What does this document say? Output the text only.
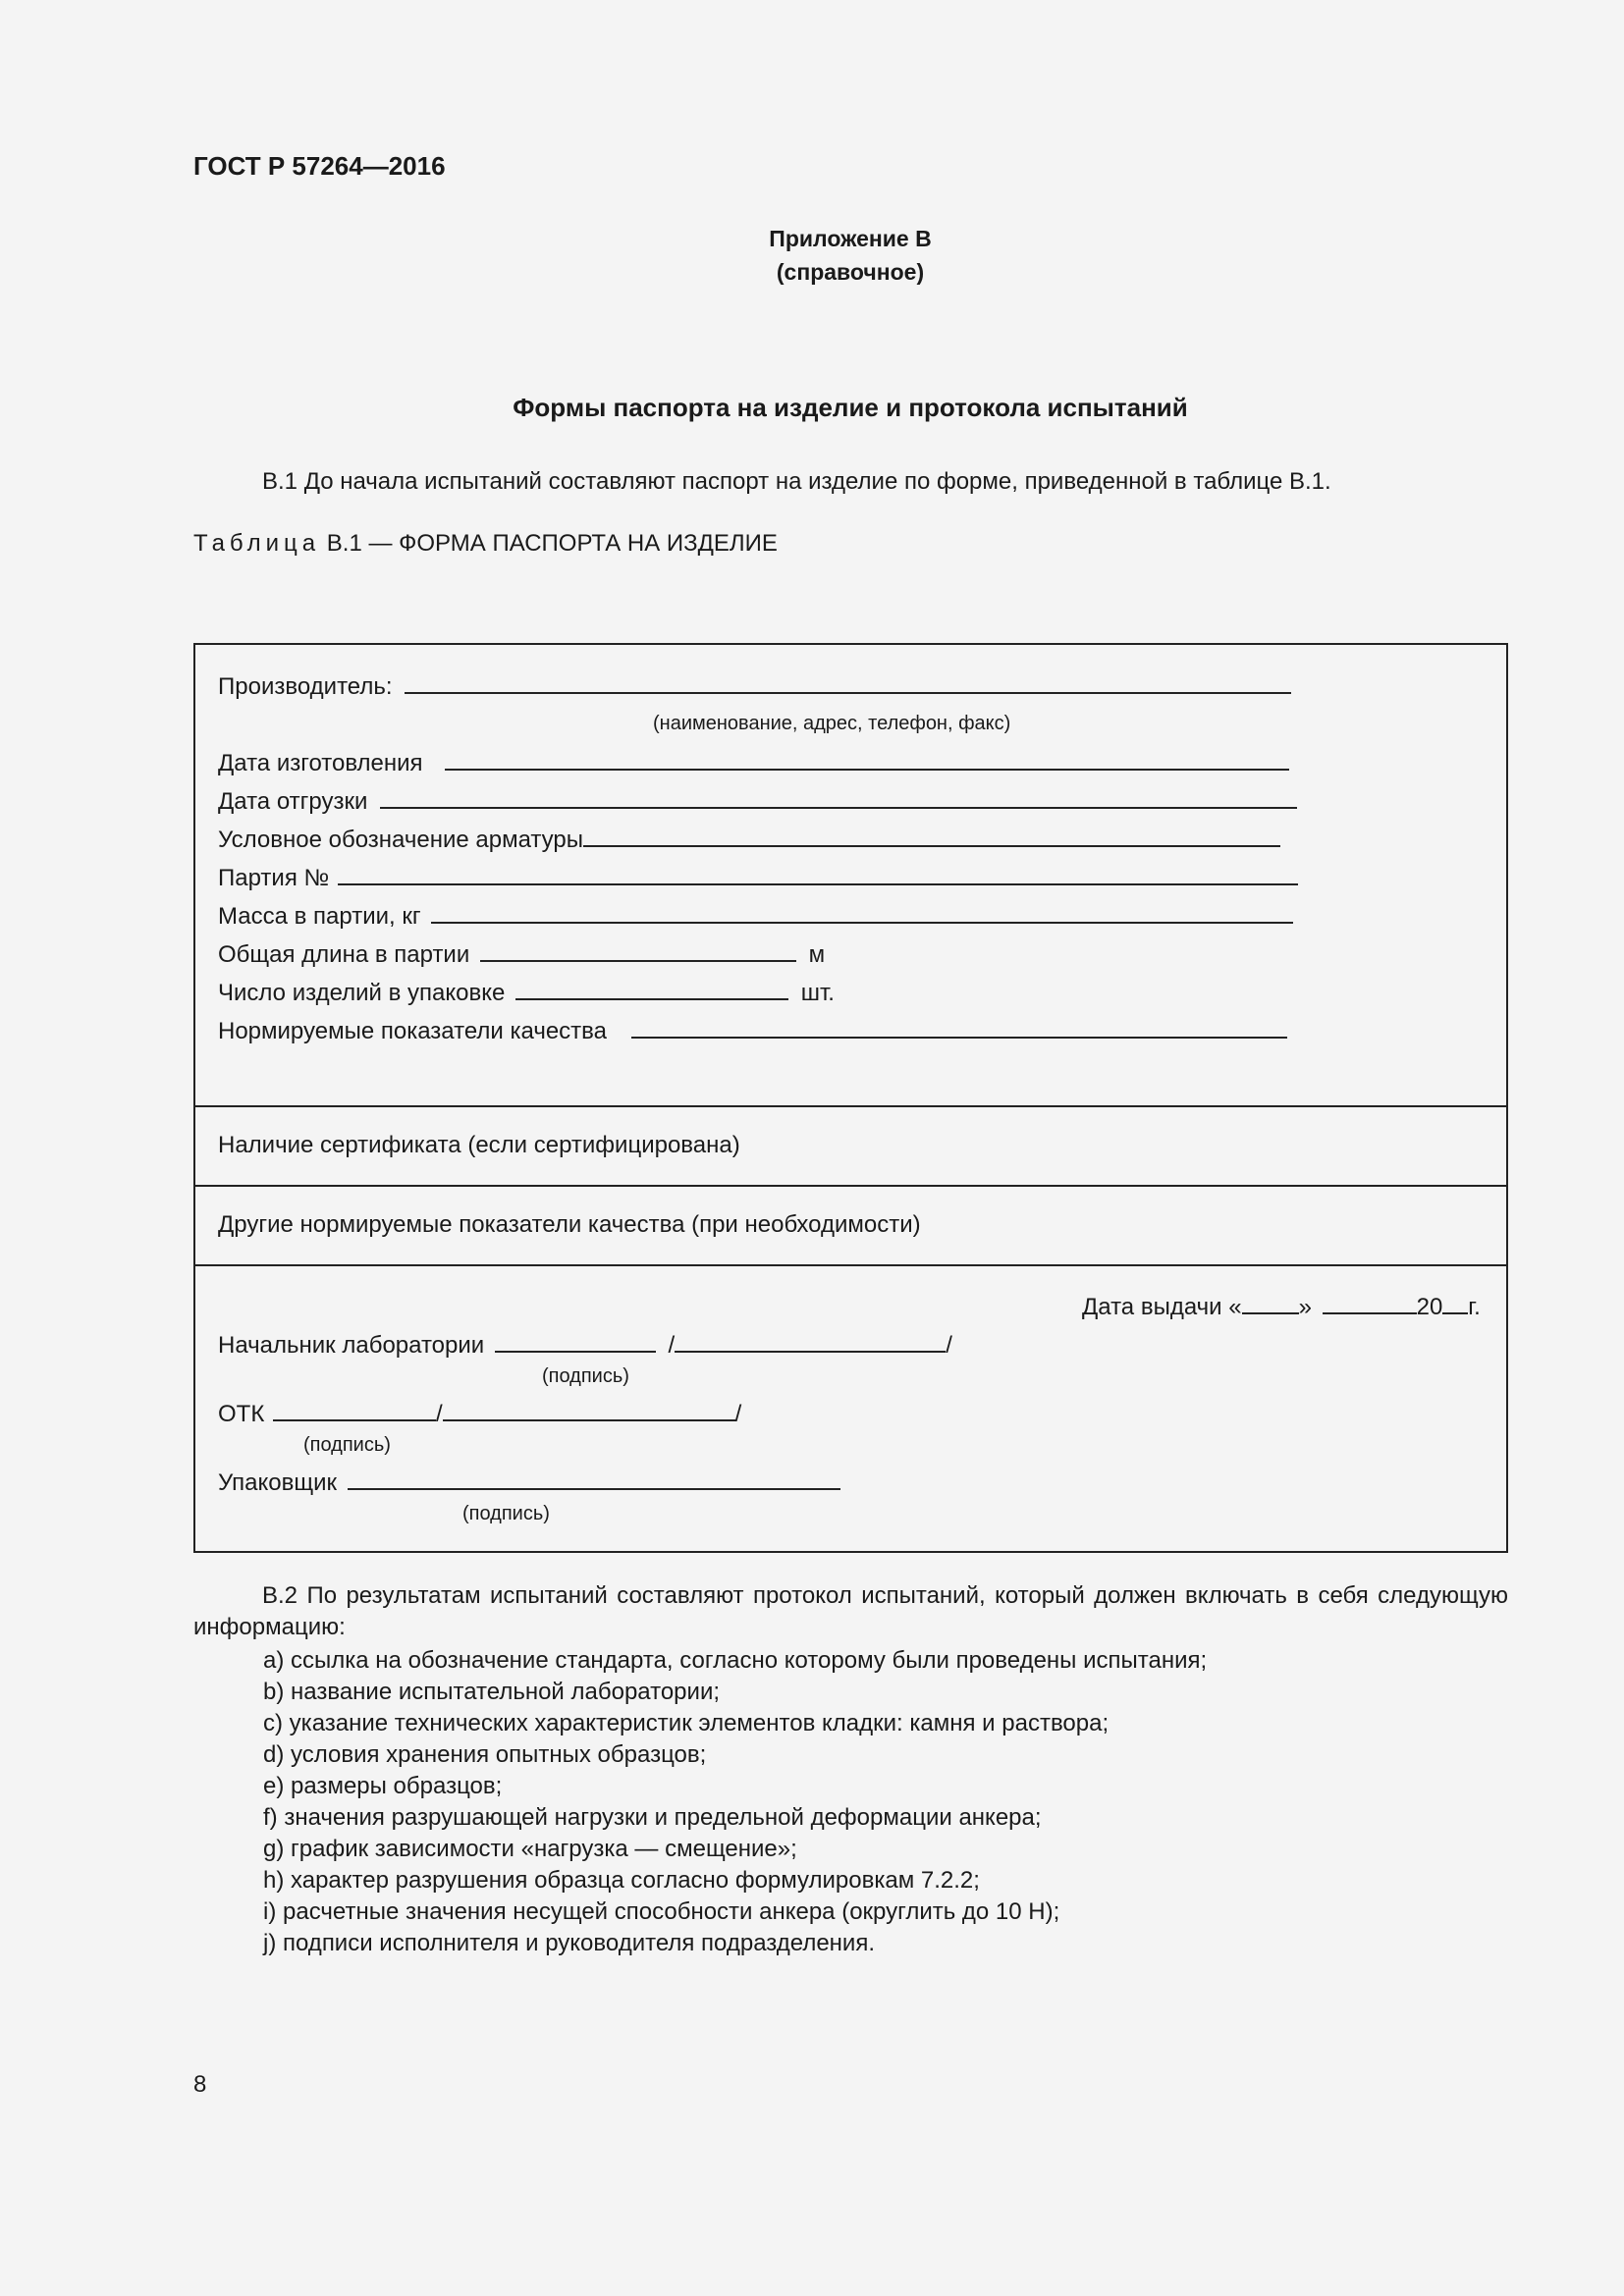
ГОСТ Р 57264—2016
Приложение В
(справочное)
Формы паспорта на изделие и протокола испытаний
В.1 До начала испытаний составляют паспорт на изделие по форме, приведенной в таблице В.1.
Таблица В.1 — ФОРМА ПАСПОРТА НА ИЗДЕЛИЕ
Производитель:
(наименование, адрес, телефон, факс)
Дата изготовления
Дата отгрузки
Условное обозначение арматуры
Партия №
Масса в партии, кг
Общая длина в партии	м
Число изделий в упаковке	шт.
Нормируемые показатели качества
Наличие сертификата (если сертифицирована)
Другие нормируемые показатели качества (при необходимости)
Дата выдачи « »	20 г.
Начальник лаборатории	/	/
(подпись)
ОТК	/	/
(подпись)
Упаковщик
(подпись)
В.2 По результатам испытаний составляют протокол испытаний, который должен включать в себя следующую информацию:
a) ссылка на обозначение стандарта, согласно которому были проведены испытания;
b) название испытательной лаборатории;
c) указание технических характеристик элементов кладки: камня и раствора;
d) условия хранения опытных образцов;
e) размеры образцов;
f) значения разрушающей нагрузки и предельной деформации анкера;
g) график зависимости «нагрузка — смещение»;
h) характер разрушения образца согласно формулировкам 7.2.2;
i) расчетные значения несущей способности анкера (округлить до 10 Н);
j) подписи исполнителя и руководителя подразделения.
8
